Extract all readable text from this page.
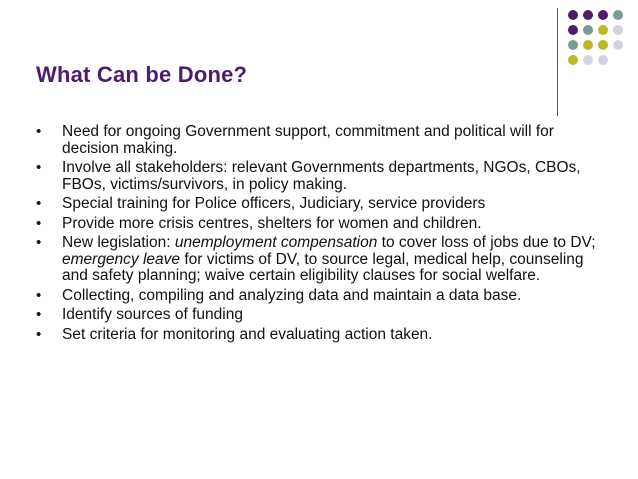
What Can be Done?
• Need for ongoing Government support, commitment and political will for decision making.
• Involve all stakeholders: relevant Governments departments, NGOs, CBOs, FBOs, victims/survivors, in policy making.
• Special training for Police officers, Judiciary, service providers
• Provide more crisis centres, shelters for women and children.
• New legislation: unemployment compensation to cover loss of jobs due to DV; emergency leave for victims of DV, to source legal, medical help, counseling and safety planning; waive certain eligibility clauses for social welfare.
• Collecting, compiling and analyzing data and maintain a data base.
• Identify sources of funding
• Set criteria for monitoring and evaluating action taken.
